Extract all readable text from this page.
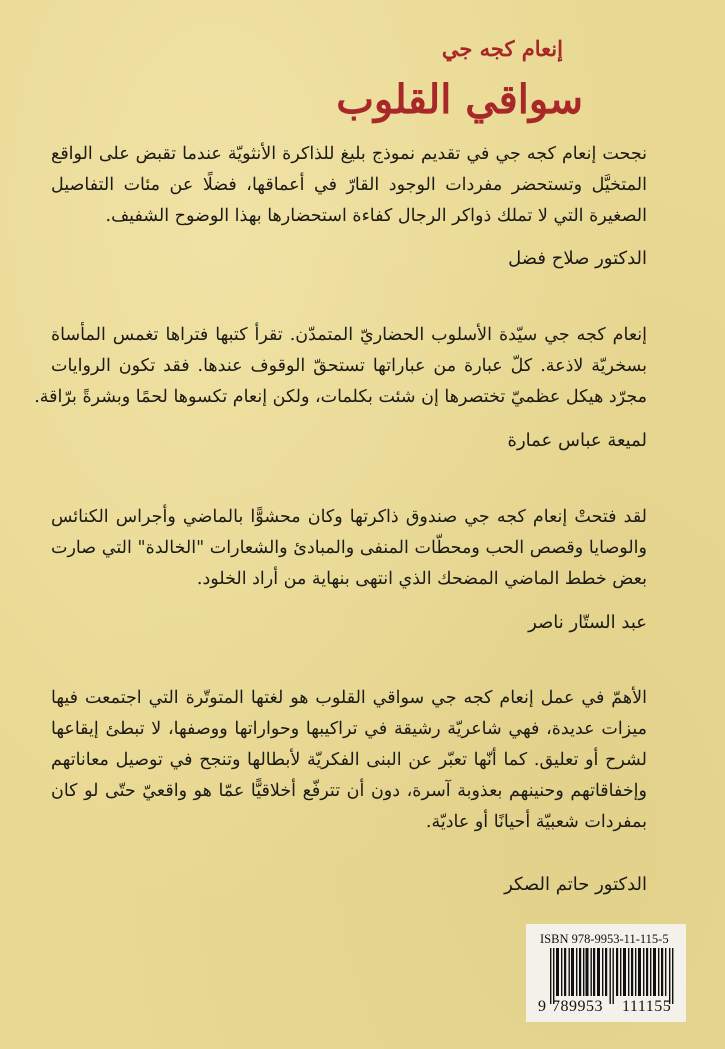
إنعام كجه جي
سواقي القلوب

نجحت إنعام كجه جي في تقديم نموذج بليغ للذاكرة الأنثويّة عندما تقبض على الواقع
المتخيَّل وتستحضر مفردات الوجود القارّ في أعماقها، فضلًا عن مئات التفاصيل
الصغيرة التي لا تملك ذواكر الرجال كفاءة استحضارها بهذا الوضوح الشفيف.

الدكتور صلاح فضل

إنعام كجه جي سيّدة الأسلوب الحضاريّ المتمدّن. تقرأ كتبها فتراها تغمس المأساة
بسخريّة لاذعة. كلّ عبارة من عباراتها تستحقّ الوقوف عندها. فقد تكون الروايات
مجرّد هيكل عظميّ تختصرها إن شئت بكلمات، ولكن إنعام تكسوها لحمًا وبشرةً برّاقة.

لميعة عباس عمارة

لقد فتحتْ إنعام كجه جي صندوق ذاكرتها وكان محشوًّا بالماضي وأجراس الكنائس
والوصايا وقصص الحب ومحطّات المنفى والمبادئ والشعارات "الخالدة" التي صارت
بعض خطط الماضي المضحك الذي انتهى بنهاية من أراد الخلود.

عبد الستّار ناصر

الأهمّ في عمل إنعام كجه جي سواقي القلوب هو لغتها المتوتّرة التي اجتمعت فيها
ميزات عديدة، فهي شاعريّة رشيقة في تراكيبها وحواراتها ووصفها، لا تبطئ إيقاعها
لشرح أو تعليق. كما أنّها تعبّر عن البنى الفكريّة لأبطالها وتنجح في توصيل معاناتهم
وإخفاقاتهم وحنينهم بعذوبة آسرة، دون أن تترفّع أخلاقيًّا عمّا هو واقعيّ حتّى لو كان
بمفردات شعبيّة أحيانًا أو عاديّة.

الدكتور حاتم الصكر

ISBN 978-9953-11-115-5
9 789953 111155
